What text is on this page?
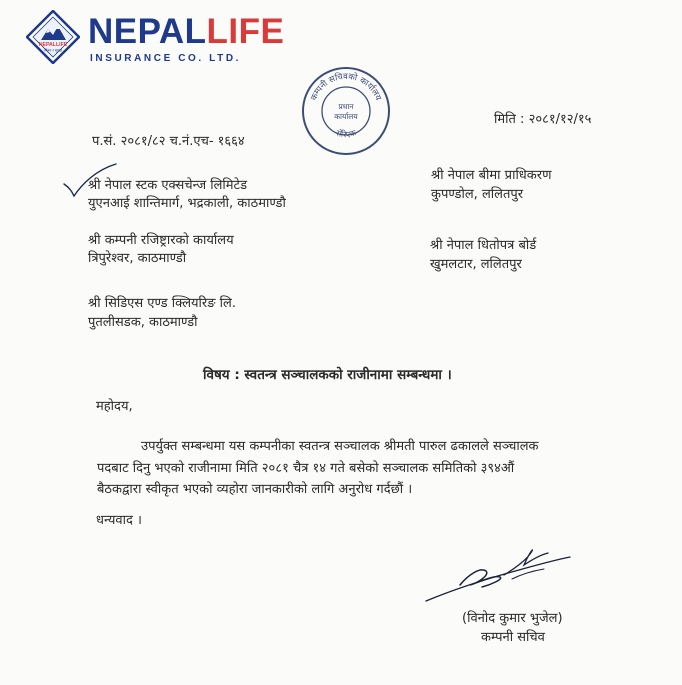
NEPALLIFE
जीवन र सुरक्षा NEPALLIFE
INSURANCE CO. LTD.
कम्पनी सचिवको कार्यालय
सेरिएक
प्रधान
कार्यालय	मिति : २०८१/१२/१५
प.सं. २०८१/८२ च.नं.एच- १६६४
श्री नेपाल स्टक एक्सचेन्ज लिमिटेड
युएनआई शान्तिमार्ग, भद्रकाली, काठमाण्डौ
श्री कम्पनी रजिष्ट्रारको कार्यालय
त्रिपुरेश्वर, काठमाण्डौ
श्री सिडिएस एण्ड क्लियरिङ लि.
पुतलीसडक, काठमाण्डौ
श्री नेपाल बीमा प्राधिकरण
कुपण्डोल, ललितपुर
श्री नेपाल धितोपत्र बोर्ड
खुमलटार, ललितपुर
विषय : स्वतन्त्र सञ्चालकको राजीनामा सम्बन्धमा ।
महोदय,
उपर्युक्त सम्बन्धमा यस कम्पनीका स्वतन्त्र सञ्चालक श्रीमती पारुल ढकालले सञ्चालक
पदबाट दिनु भएको राजीनामा मिति २०८१ चैत्र १४ गते बसेको सञ्चालक समितिको ३९४औं
बैठकद्वारा स्वीकृत भएको व्यहोरा जानकारीको लागि अनुरोध गर्दछौं ।
धन्यवाद ।
(विनोद कुमार भुजेल)
कम्पनी सचिव
